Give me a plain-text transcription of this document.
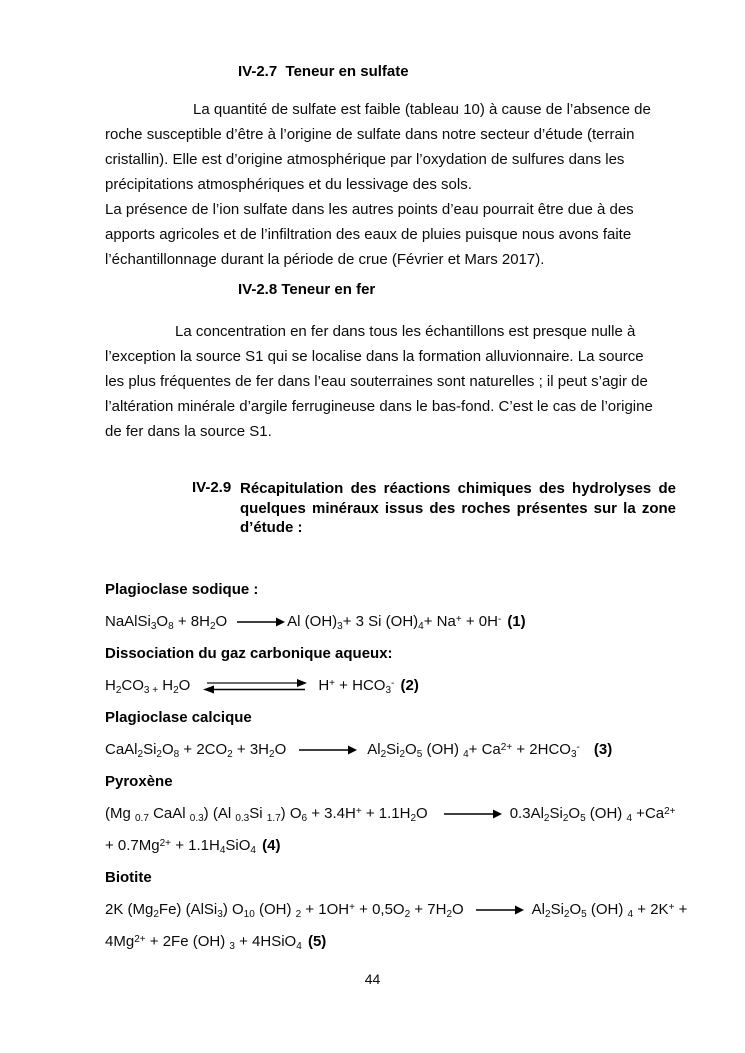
IV-2.7  Teneur en sulfate

La quantité de sulfate est faible (tableau 10) à cause de l’absence de roche susceptible d’être à l’origine de sulfate dans notre secteur d’étude (terrain cristallin). Elle est d’origine atmosphérique par l’oxydation de sulfures dans les précipitations atmosphériques et du lessivage des sols.

La présence de l’ion sulfate dans les autres points d’eau pourrait être due à des apports agricoles et de l’infiltration des eaux de pluies puisque nous avons faite l’échantillonnage durant la période de crue (Février et Mars 2017).

IV-2.8 Teneur en fer

La concentration en fer dans tous les échantillons est presque nulle à l’exception la source S1 qui se localise dans la formation alluvionnaire. La source les plus fréquentes de fer dans l’eau souterraines sont naturelles ; il peut s’agir de l’altération minérale d’argile ferrugineuse dans le bas-fond. C’est le cas de l’origine de fer dans la source S1.

IV-2.9 Récapitulation des réactions chimiques des hydrolyses de quelques minéraux issus des roches présentes sur la zone d’étude :
Plagioclase sodique :
$NaAlSi_3O_8 + 8H_2O \to Al$ $(OH)_3+ 3$ Si $(OH)_4+ Na^+ + 0H^-$ (1)
Dissociation du gaz carbonique aqueux:
$H_2CO_{3 +}$ $H_2O$	$H^+ + HCO_3^-$ (2)
Plagioclase calcique
$CaAl_2Si_2O_8 + 2CO_2 + 3H_2O \to Al_2Si_2O_5$ (OH) $_4+ Ca^{2+} + 2HCO_3^-$ (3)
Pyroxène
(Mg $_{0.7}$ CaAl $_{0.3}$) (Al $_{0.3}$Si $_{1.7}$) $O_6 + 3.4H^+ + 1.1H_2O \to 0.3Al_2Si_2O_5$ (OH) $_4 +Ca^{2+}$
+ $0.7Mg^{2+} + 1.1H_4SiO_4$ (4)
Biotite
2K $(Mg_2Fe)$ (AlSi$_3$) $O_{10}$ (OH) $_2 + 1OH^+ + 0,5O_2 + 7H_2O \to Al_2Si_2O_5$ (OH) $_4$ + 2K+ +
$4Mg^{2+} + 2Fe$ (OH) $_3$ + 4HSiO$_4$ (5)
44
